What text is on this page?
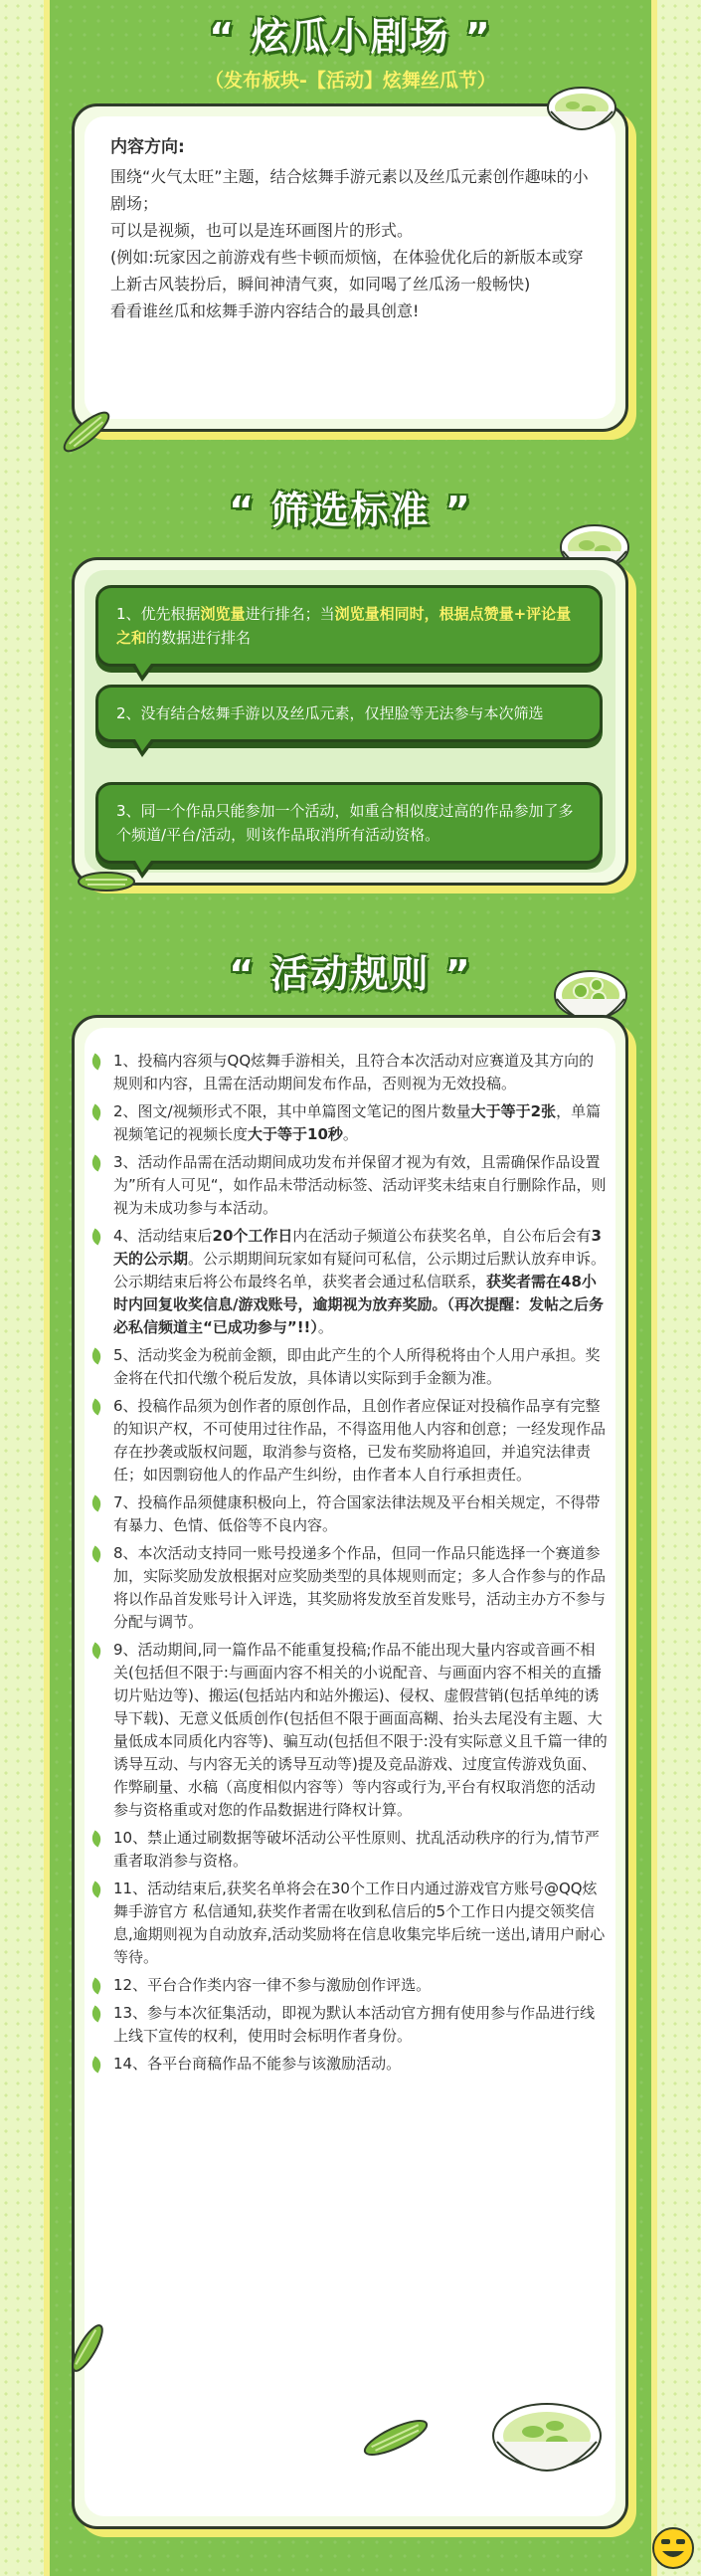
“ 炫瓜小剧场 ”
（发布板块-【活动】炫舞丝瓜节）
内容方向:
围绕“火气太旺”主题，结合炫舞手游元素以及丝瓜元素创作趣味的小剧场；
可以是视频，也可以是连环画图片的形式。
(例如:玩家因之前游戏有些卡顿而烦恼，在体验优化后的新版本或穿上新古风装扮后，瞬间神清气爽，如同喝了丝瓜汤一般畅快)
看看谁丝瓜和炫舞手游内容结合的最具创意!
“ 筛选标准 ”
1、优先根据浏览量进行排名；当浏览量相同时，根据点赞量+评论量之和的数据进行排名
2、没有结合炫舞手游以及丝瓜元素，仅捏脸等无法参与本次筛选
3、同一个作品只能参加一个活动，如重合相似度过高的作品参加了多个频道/平台/活动，则该作品取消所有活动资格。
“ 活动规则 ”
1、投稿内容须与QQ炫舞手游相关，且符合本次活动对应赛道及其方向的规则和内容，且需在活动期间发布作品，否则视为无效投稿。
2、图文/视频形式不限，其中单篇图文笔记的图片数量大于等于2张，单篇视频笔记的视频长度大于等于10秒。
3、活动作品需在活动期间成功发布并保留才视为有效，且需确保作品设置为”所有人可见“，如作品未带活动标签、活动评奖未结束自行删除作品，则视为未成功参与本活动。
4、活动结束后20个工作日内在活动子频道公布获奖名单，自公布后会有3天的公示期。公示期期间玩家如有疑问可私信，公示期过后默认放弃申诉。公示期结束后将公布最终名单，获奖者会通过私信联系，获奖者需在48小时内回复收奖信息/游戏账号，逾期视为放弃奖励。（再次提醒：发帖之后务必私信频道主“已成功参与”!!）。
5、活动奖金为税前金额，即由此产生的个人所得税将由个人用户承担。奖金将在代扣代缴个税后发放，具体请以实际到手金额为准。
6、投稿作品须为创作者的原创作品，且创作者应保证对投稿作品享有完整的知识产权，不可使用过往作品，不得盗用他人内容和创意；一经发现作品存在抄袭或版权问题，取消参与资格，已发布奖励将追回，并追究法律责任；如因剽窃他人的作品产生纠纷，由作者本人自行承担责任。
7、投稿作品须健康积极向上，符合国家法律法规及平台相关规定，不得带有暴力、色情、低俗等不良内容。
8、本次活动支持同一账号投递多个作品，但同一作品只能选择一个赛道参加，实际奖励发放根据对应奖励类型的具体规则而定；多人合作参与的作品将以作品首发账号计入评选，其奖励将发放至首发账号，活动主办方不参与分配与调节。
9、活动期间,同一篇作品不能重复投稿;作品不能出现大量内容或音画不相关(包括但不限于:与画面内容不相关的小说配音、与画面内容不相关的直播切片贴边等)、搬运(包括站内和站外搬运)、侵权、虚假营销(包括单纯的诱导下载)、无意义低质创作(包括但不限于画面高糊、抬头去尾没有主题、大量低成本同质化内容等)、骗互动(包括但不限于:没有实际意义且千篇一律的诱导互动、与内容无关的诱导互动等)提及竞品游戏、过度宣传游戏负面、作弊刷量、水稿（高度相似内容等）等内容或行为,平台有权取消您的活动参与资格重或对您的作品数据进行降权计算。
10、禁止通过刷数据等破坏活动公平性原则、扰乱活动秩序的行为,情节严重者取消参与资格。
11、活动结束后,获奖名单将会在30个工作日内通过游戏官方账号@QQ炫舞手游官方 私信通知,获奖作者需在收到私信后的5个工作日内提交领奖信息,逾期则视为自动放弃,活动奖励将在信息收集完毕后统一送出,请用户耐心等待。
12、平台合作类内容一律不参与激励创作评选。
13、参与本次征集活动，即视为默认本活动官方拥有使用参与作品进行线上线下宣传的权利，使用时会标明作者身份。
14、各平台商稿作品不能参与该激励活动。
